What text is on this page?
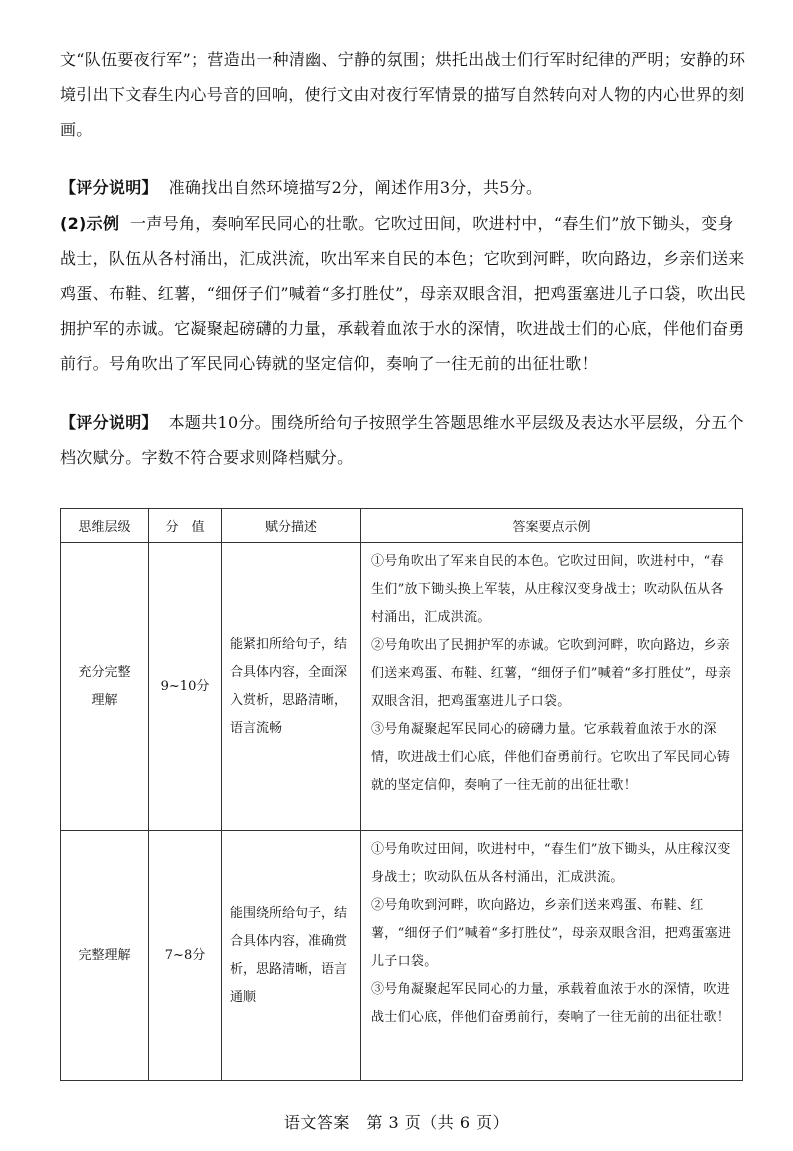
文“队伍要夜行军”；营造出一种清幽、宁静的氛围；烘托出战士们行军时纪律的严明；安静的环境引出下文春生内心号音的回响，使行文由对夜行军情景的描写自然转向对人物的内心世界的刻画。
【评分说明】 准确找出自然环境描写2分，阐述作用3分，共5分。
(2)示例 一声号角，奏响军民同心的壮歌。它吹过田间，吹进村中，“春生们”放下锄头，变身战士，队伍从各村涌出，汇成洪流，吹出军来自民的本色；它吹到河畔，吹向路边，乡亲们送来鸡蛋、布鞋、红薯，“细伢子们”喊着“多打胜仗”，母亲双眼含泪，把鸡蛋塞进儿子口袋，吹出民拥护军的赤诚。它凝聚起磅礴的力量，承载着血浓于水的深情，吹进战士们的心底，伴他们奋勇前行。号角吹出了军民同心铸就的坚定信仰，奏响了一往无前的出征壮歌！
【评分说明】 本题共10分。围绕所给句子按照学生答题思维水平层级及表达水平层级，分五个档次赋分。字数不符合要求则降档赋分。
思维层级	分　值	赋分描述	答案要点示例
充分完整理解	9~10分	能紧扣所给句子，结合具体内容，全面深入赏析，思路清晰，语言流畅	①号角吹出了军来自民的本色。它吹过田间，吹进村中，“春生们”放下锄头换上军装，从庄稼汉变身战士；吹动队伍从各村涌出，汇成洪流。
②号角吹出了民拥护军的赤诚。它吹到河畔，吹向路边，乡亲们送来鸡蛋、布鞋、红薯，“细伢子们”喊着“多打胜仗”，母亲双眼含泪，把鸡蛋塞进儿子口袋。
③号角凝聚起军民同心的磅礴力量。它承载着血浓于水的深情，吹进战士们心底，伴他们奋勇前行。它吹出了军民同心铸就的坚定信仰，奏响了一往无前的出征壮歌！

完整理解	7~8分	能围绕所给句子，结合具体内容，准确赏析，思路清晰，语言通顺	①号角吹过田间，吹进村中，“春生们”放下锄头，从庄稼汉变身战士；吹动队伍从各村涌出，汇成洪流。
②号角吹到河畔，吹向路边，乡亲们送来鸡蛋、布鞋、红薯，“细伢子们”喊着“多打胜仗”，母亲双眼含泪，把鸡蛋塞进儿子口袋。
③号角凝聚起军民同心的力量，承载着血浓于水的深情，吹进战士们心底，伴他们奋勇前行，奏响了一往无前的出征壮歌！
语文答案　第 3 页（共 6 页）
